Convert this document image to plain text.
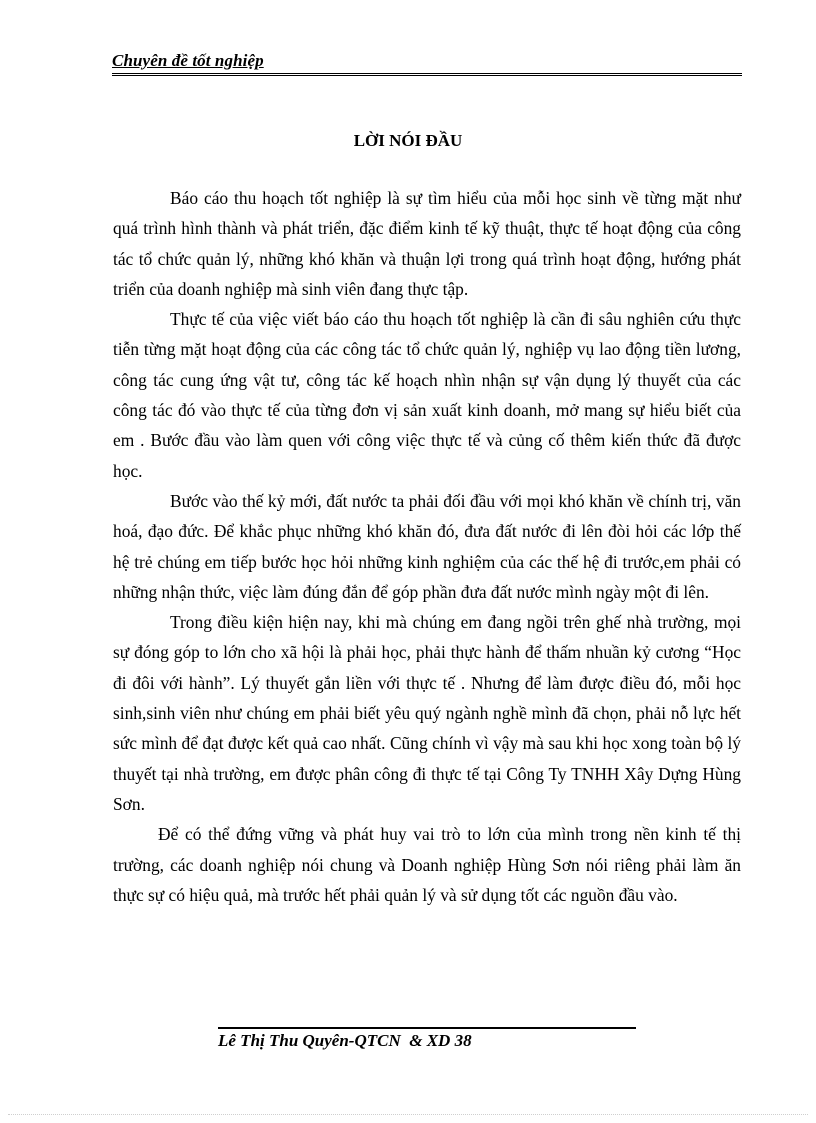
Chuyên đề tốt nghiệp
LỜI NÓI ĐẦU

Báo cáo thu hoạch tốt nghiệp là sự tìm hiểu của mỗi học sinh về từng mặt như quá trình hình thành và phát triển, đặc điểm kinh tế kỹ thuật, thực tế hoạt động của công tác tổ chức quản lý, những khó khăn và thuận lợi trong quá trình hoạt động, hướng phát triển của doanh nghiệp mà sinh viên đang thực tập.

Thực tế của việc viết báo cáo thu hoạch tốt nghiệp là cần đi sâu nghiên cứu thực tiễn từng mặt hoạt động của các công tác tổ chức quản lý, nghiệp vụ lao động tiền lương, công tác cung ứng vật tư, công tác kế hoạch nhìn nhận sự vận dụng lý thuyết của các công tác đó vào thực tế của từng đơn vị sản xuất kinh doanh, mở mang sự hiểu biết của em . Bước đầu vào làm quen với công việc thực tế và củng cố thêm kiến thức đã được học.

Bước vào thế kỷ mới, đất nước ta phải đối đầu với mọi khó khăn về chính trị, văn hoá, đạo đức. Để khắc phục những khó khăn đó, đưa đất nước đi lên đòi hỏi các lớp thế hệ trẻ chúng em tiếp bước học hỏi những kinh nghiệm của các thế hệ đi trước,em phải có những nhận thức, việc làm đúng đắn để góp phần đưa đất nước mình ngày một đi lên.

Trong điều kiện hiện nay, khi mà chúng em đang ngồi trên ghế nhà trường, mọi sự đóng góp to lớn cho xã hội là phải học, phải thực hành để thấm nhuần kỷ cương “Học đi đôi với hành”. Lý thuyết gắn liền với thực tế . Nhưng để làm được điều đó, mỗi học sinh,sinh viên như chúng em phải biết yêu quý ngành nghề mình đã chọn, phải nỗ lực hết sức mình để đạt được kết quả cao nhất. Cũng chính vì vậy mà sau khi học xong toàn bộ lý thuyết tại nhà trường, em được phân công đi thực tế tại Công Ty TNHH Xây Dựng Hùng Sơn.

Để có thể đứng vững và phát huy vai trò to lớn của mình trong nền kinh tế thị trường, các doanh nghiệp nói chung và Doanh nghiệp Hùng Sơn nói riêng phải làm ăn thực sự có hiệu quả, mà trước hết phải quản lý và sử dụng tốt các nguồn đầu vào.

Lê Thị Thu Quyên-QTCN  & XD 38
